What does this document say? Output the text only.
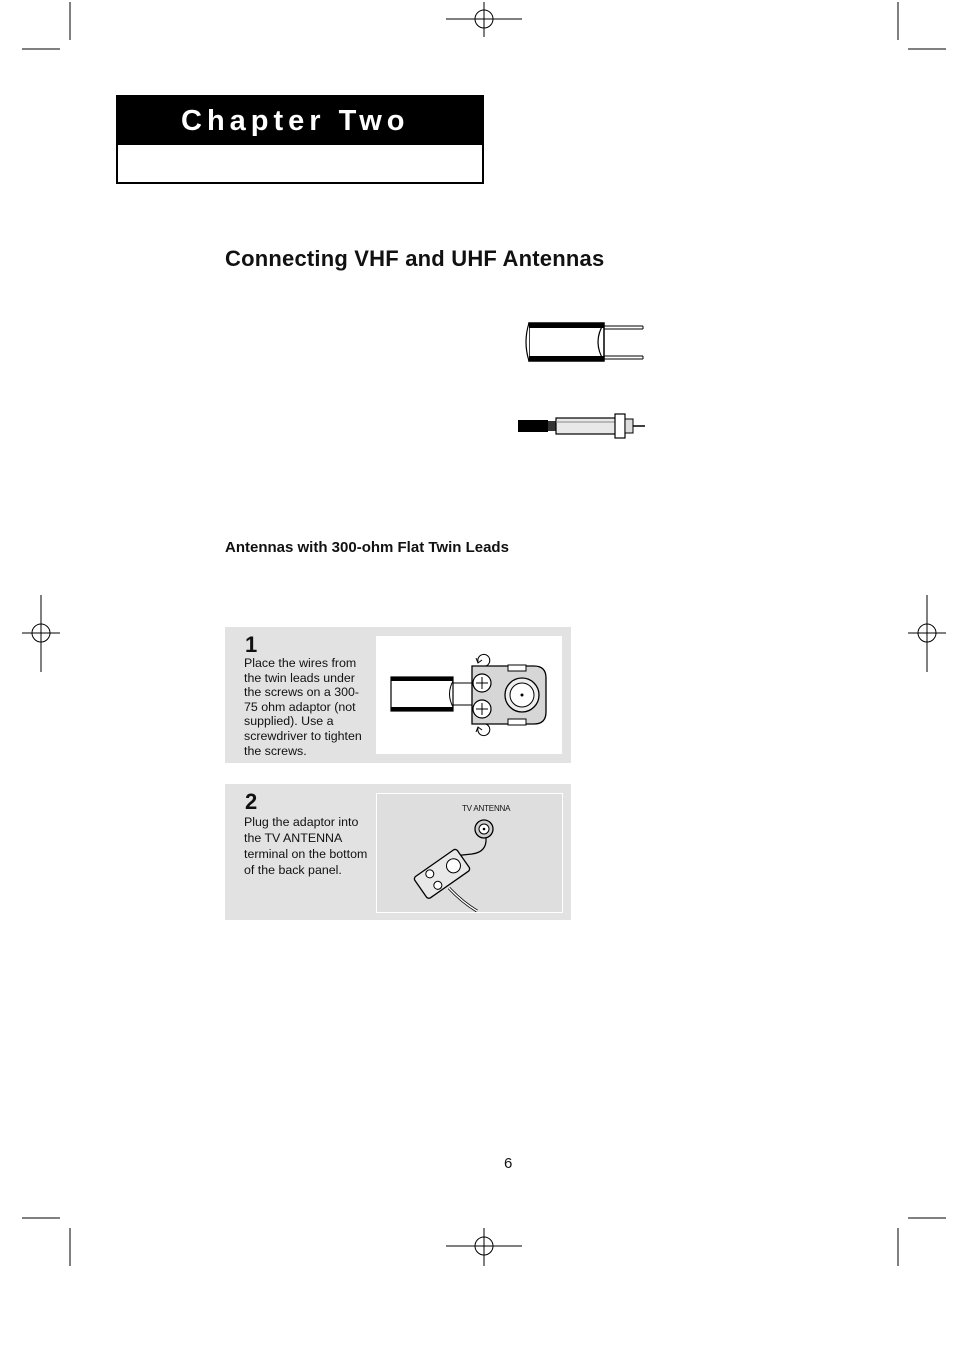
Chapter Two
Connecting VHF and UHF Antennas
Antennas with 300-ohm Flat Twin Leads
1
Place the wires from the twin leads under the screws on a 300-75 ohm adaptor (not supplied). Use a screwdriver to tighten the screws.
2
Plug the adaptor into the TV ANTENNA terminal on the bottom of the back panel.
TV ANTENNA
6
